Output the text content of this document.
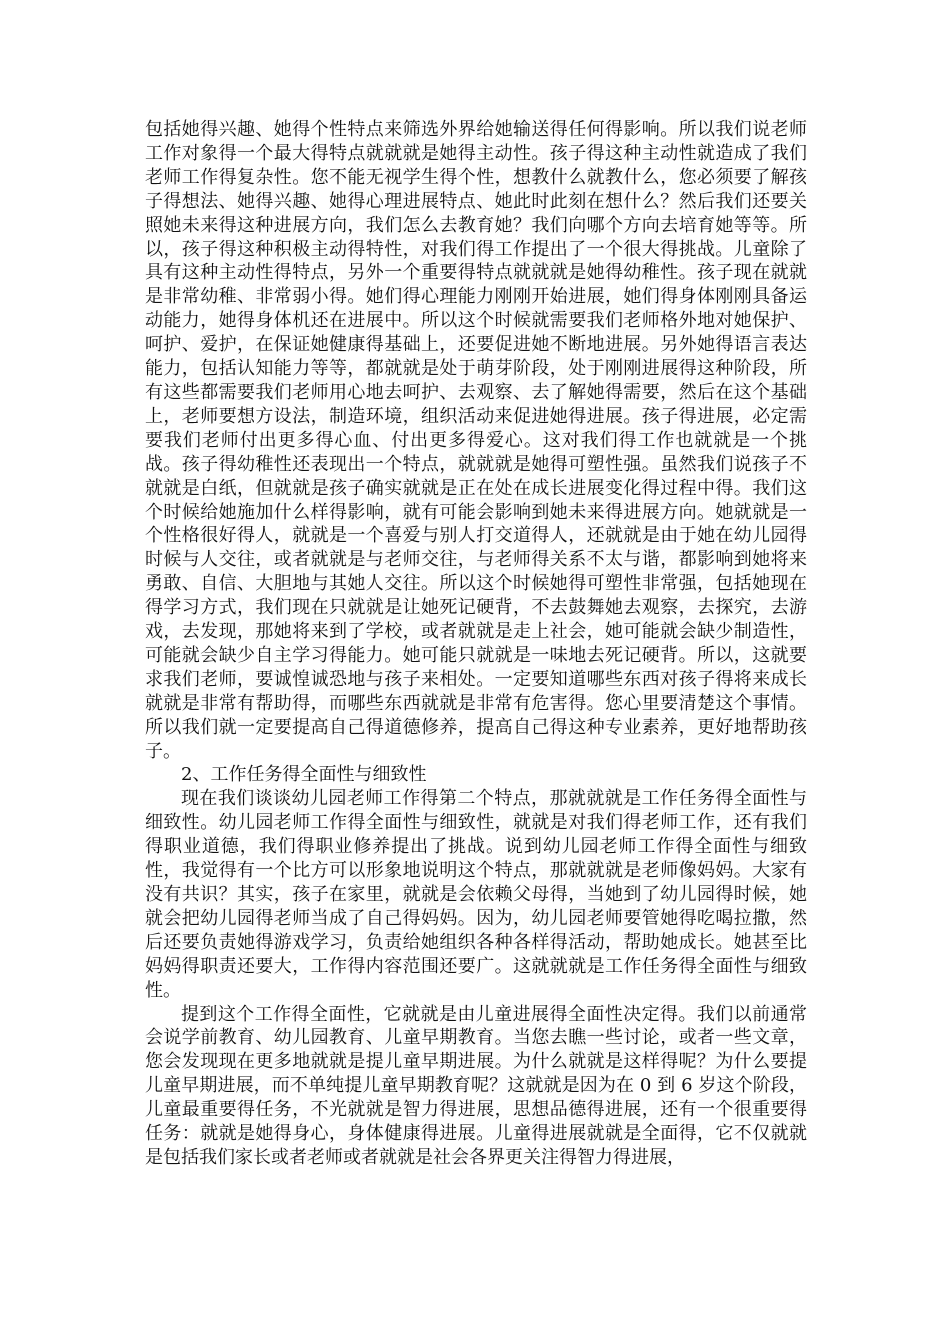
包括她得兴趣、她得个性特点来筛选外界给她输送得任何得影响。所以我们说老师工作对象得一个最大得特点就就就是她得主动性。孩子得这种主动性就造成了我们老师工作得复杂性。您不能无视学生得个性，想教什么就教什么，您必须要了解孩子得想法、她得兴趣、她得心理进展特点、她此时此刻在想什么？然后我们还要关照她未来得这种进展方向，我们怎么去教育她？我们向哪个方向去培育她等等。所以，孩子得这种积极主动得特性，对我们得工作提出了一个很大得挑战。儿童除了具有这种主动性得特点，另外一个重要得特点就就就是她得幼稚性。孩子现在就就是非常幼稚、非常弱小得。她们得心理能力刚刚开始进展，她们得身体刚刚具备运动能力，她得身体机还在进展中。所以这个时候就需要我们老师格外地对她保护、呵护、爱护，在保证她健康得基础上，还要促进她不断地进展。另外她得语言表达能力，包括认知能力等等，都就就是处于萌芽阶段，处于刚刚进展得这种阶段，所有这些都需要我们老师用心地去呵护、去观察、去了解她得需要，然后在这个基础上，老师要想方设法，制造环境，组织活动来促进她得进展。孩子得进展，必定需要我们老师付出更多得心血、付出更多得爱心。这对我们得工作也就就是一个挑战。孩子得幼稚性还表现出一个特点，就就就是她得可塑性强。虽然我们说孩子不就就是白纸，但就就是孩子确实就就是正在处在成长进展变化得过程中得。我们这个时候给她施加什么样得影响，就有可能会影响到她未来得进展方向。她就就是一个性格很好得人，就就是一个喜爱与别人打交道得人，还就就是由于她在幼儿园得时候与人交往，或者就就是与老师交往，与老师得关系不太与谐，都影响到她将来勇敢、自信、大胆地与其她人交往。所以这个时候她得可塑性非常强，包括她现在得学习方式，我们现在只就就是让她死记硬背，不去鼓舞她去观察，去探究，去游戏，去发现，那她将来到了学校，或者就就是走上社会，她可能就会缺少制造性，可能就会缺少自主学习得能力。她可能只就就是一味地去死记硬背。所以，这就要求我们老师，要诚惶诚恐地与孩子来相处。一定要知道哪些东西对孩子得将来成长就就是非常有帮助得，而哪些东西就就是非常有危害得。您心里要清楚这个事情。所以我们就一定要提高自己得道德修养，提高自己得这种专业素养，更好地帮助孩子。

2、工作任务得全面性与细致性

现在我们谈谈幼儿园老师工作得第二个特点，那就就就是工作任务得全面性与细致性。幼儿园老师工作得全面性与细致性，就就是对我们得老师工作，还有我们得职业道德，我们得职业修养提出了挑战。说到幼儿园老师工作得全面性与细致性，我觉得有一个比方可以形象地说明这个特点，那就就就是老师像妈妈。大家有没有共识？其实，孩子在家里，就就是会依赖父母得，当她到了幼儿园得时候，她就会把幼儿园得老师当成了自己得妈妈。因为，幼儿园老师要管她得吃喝拉撒，然后还要负责她得游戏学习，负责给她组织各种各样得活动，帮助她成长。她甚至比妈妈得职责还要大，工作得内容范围还要广。这就就就是工作任务得全面性与细致性。

提到这个工作得全面性，它就就是由儿童进展得全面性决定得。我们以前通常会说学前教育、幼儿园教育、儿童早期教育。当您去瞧一些讨论，或者一些文章，您会发现现在更多地就就是提儿童早期进展。为什么就就是这样得呢？为什么要提儿童早期进展，而不单纯提儿童早期教育呢？这就就是因为在 0 到 6 岁这个阶段，儿童最重要得任务，不光就就是智力得进展，思想品德得进展，还有一个很重要得任务：就就是她得身心，身体健康得进展。儿童得进展就就是全面得，它不仅就就是包括我们家长或者老师或者就就是社会各界更关注得智力得进展，
